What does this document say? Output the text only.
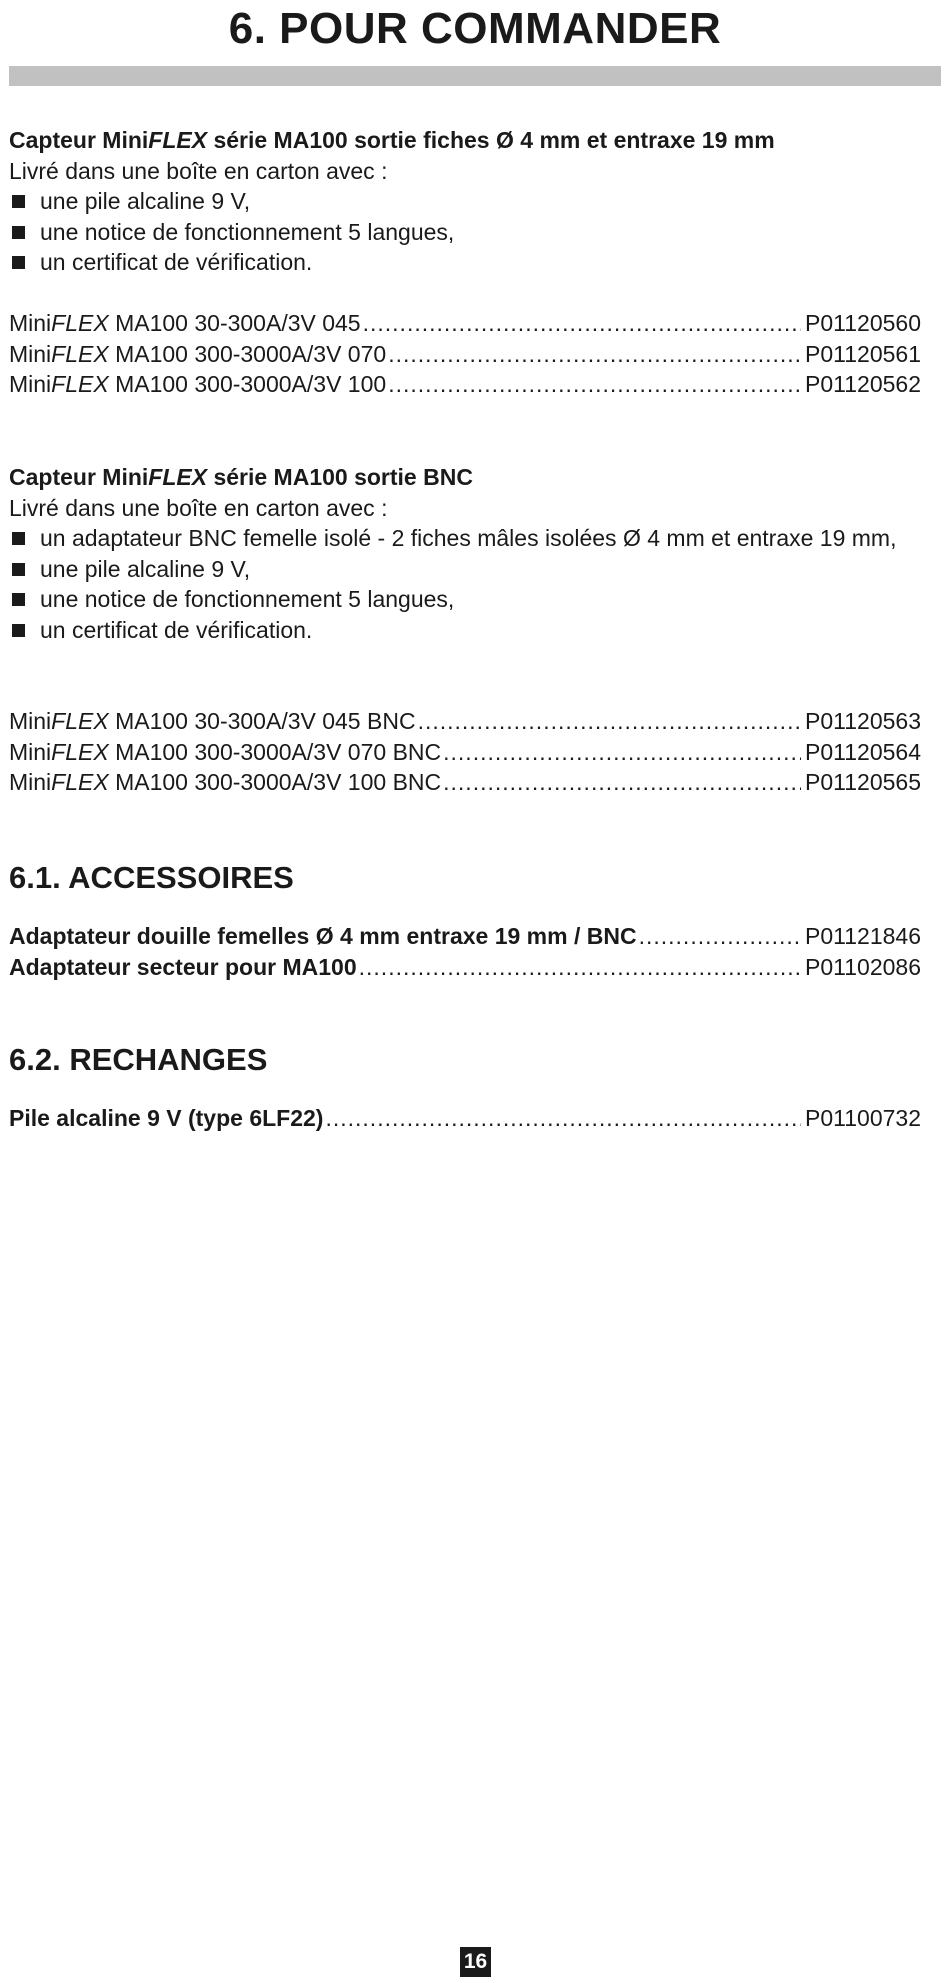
6. POUR COMMANDER
Capteur MiniFLEX série MA100 sortie fiches Ø 4 mm et entraxe 19 mm
Livré dans une boîte en carton avec :
une pile alcaline 9 V,
une notice de fonctionnement 5 langues,
un certificat de vérification.
MiniFLEX MA100 30-300A/3V 045 .....	P01120560
MiniFLEX MA100 300-3000A/3V 070 .....	P01120561
MiniFLEX MA100 300-3000A/3V 100 .....	P01120562
Capteur MiniFLEX série MA100 sortie BNC
Livré dans une boîte en carton avec :
un adaptateur BNC femelle isolé - 2 fiches mâles isolées Ø 4 mm et entraxe 19 mm,
une pile alcaline 9 V,
une notice de fonctionnement 5 langues,
un certificat de vérification.
MiniFLEX MA100 30-300A/3V 045 BNC .....	P01120563
MiniFLEX MA100 300-3000A/3V 070 BNC .....	P01120564
MiniFLEX MA100 300-3000A/3V 100 BNC .....	P01120565
6.1. ACCESSOIRES
Adaptateur douille femelles Ø 4 mm entraxe 19 mm / BNC .....	P01121846
Adaptateur secteur pour MA100 .....	P01102086
6.2. RECHANGES
Pile alcaline 9 V (type 6LF22) .....	P01100732
16
